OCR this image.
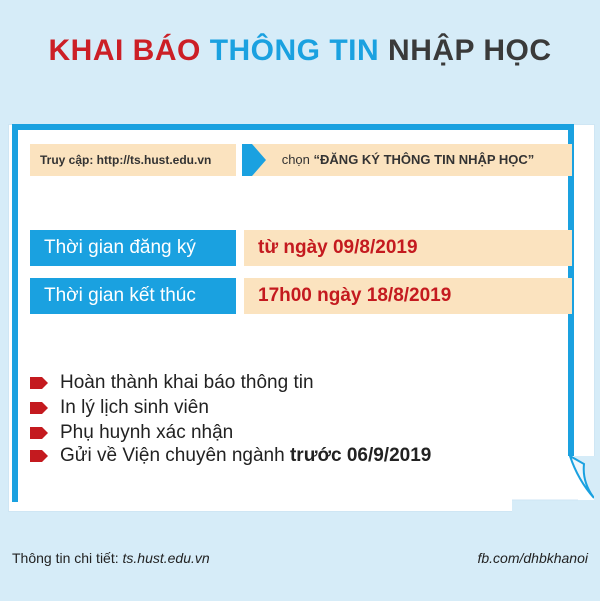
KHAI BÁO THÔNG TIN NHẬP HỌC
Truy cập: http://ts.hust.edu.vn	chọn “ĐĂNG KÝ THÔNG TIN NHẬP HỌC”
Thời gian đăng ký	từ ngày 09/8/2019
Thời gian kết thúc	17h00 ngày 18/8/2019
Hoàn thành khai báo thông tin
In lý lịch sinh viên
Phụ huynh xác nhận
Gửi về Viện chuyên ngành
trước 06/9/2019
Thông tin chi tiết: ts.hust.edu.vn	fb.com/dhbkhanoi
